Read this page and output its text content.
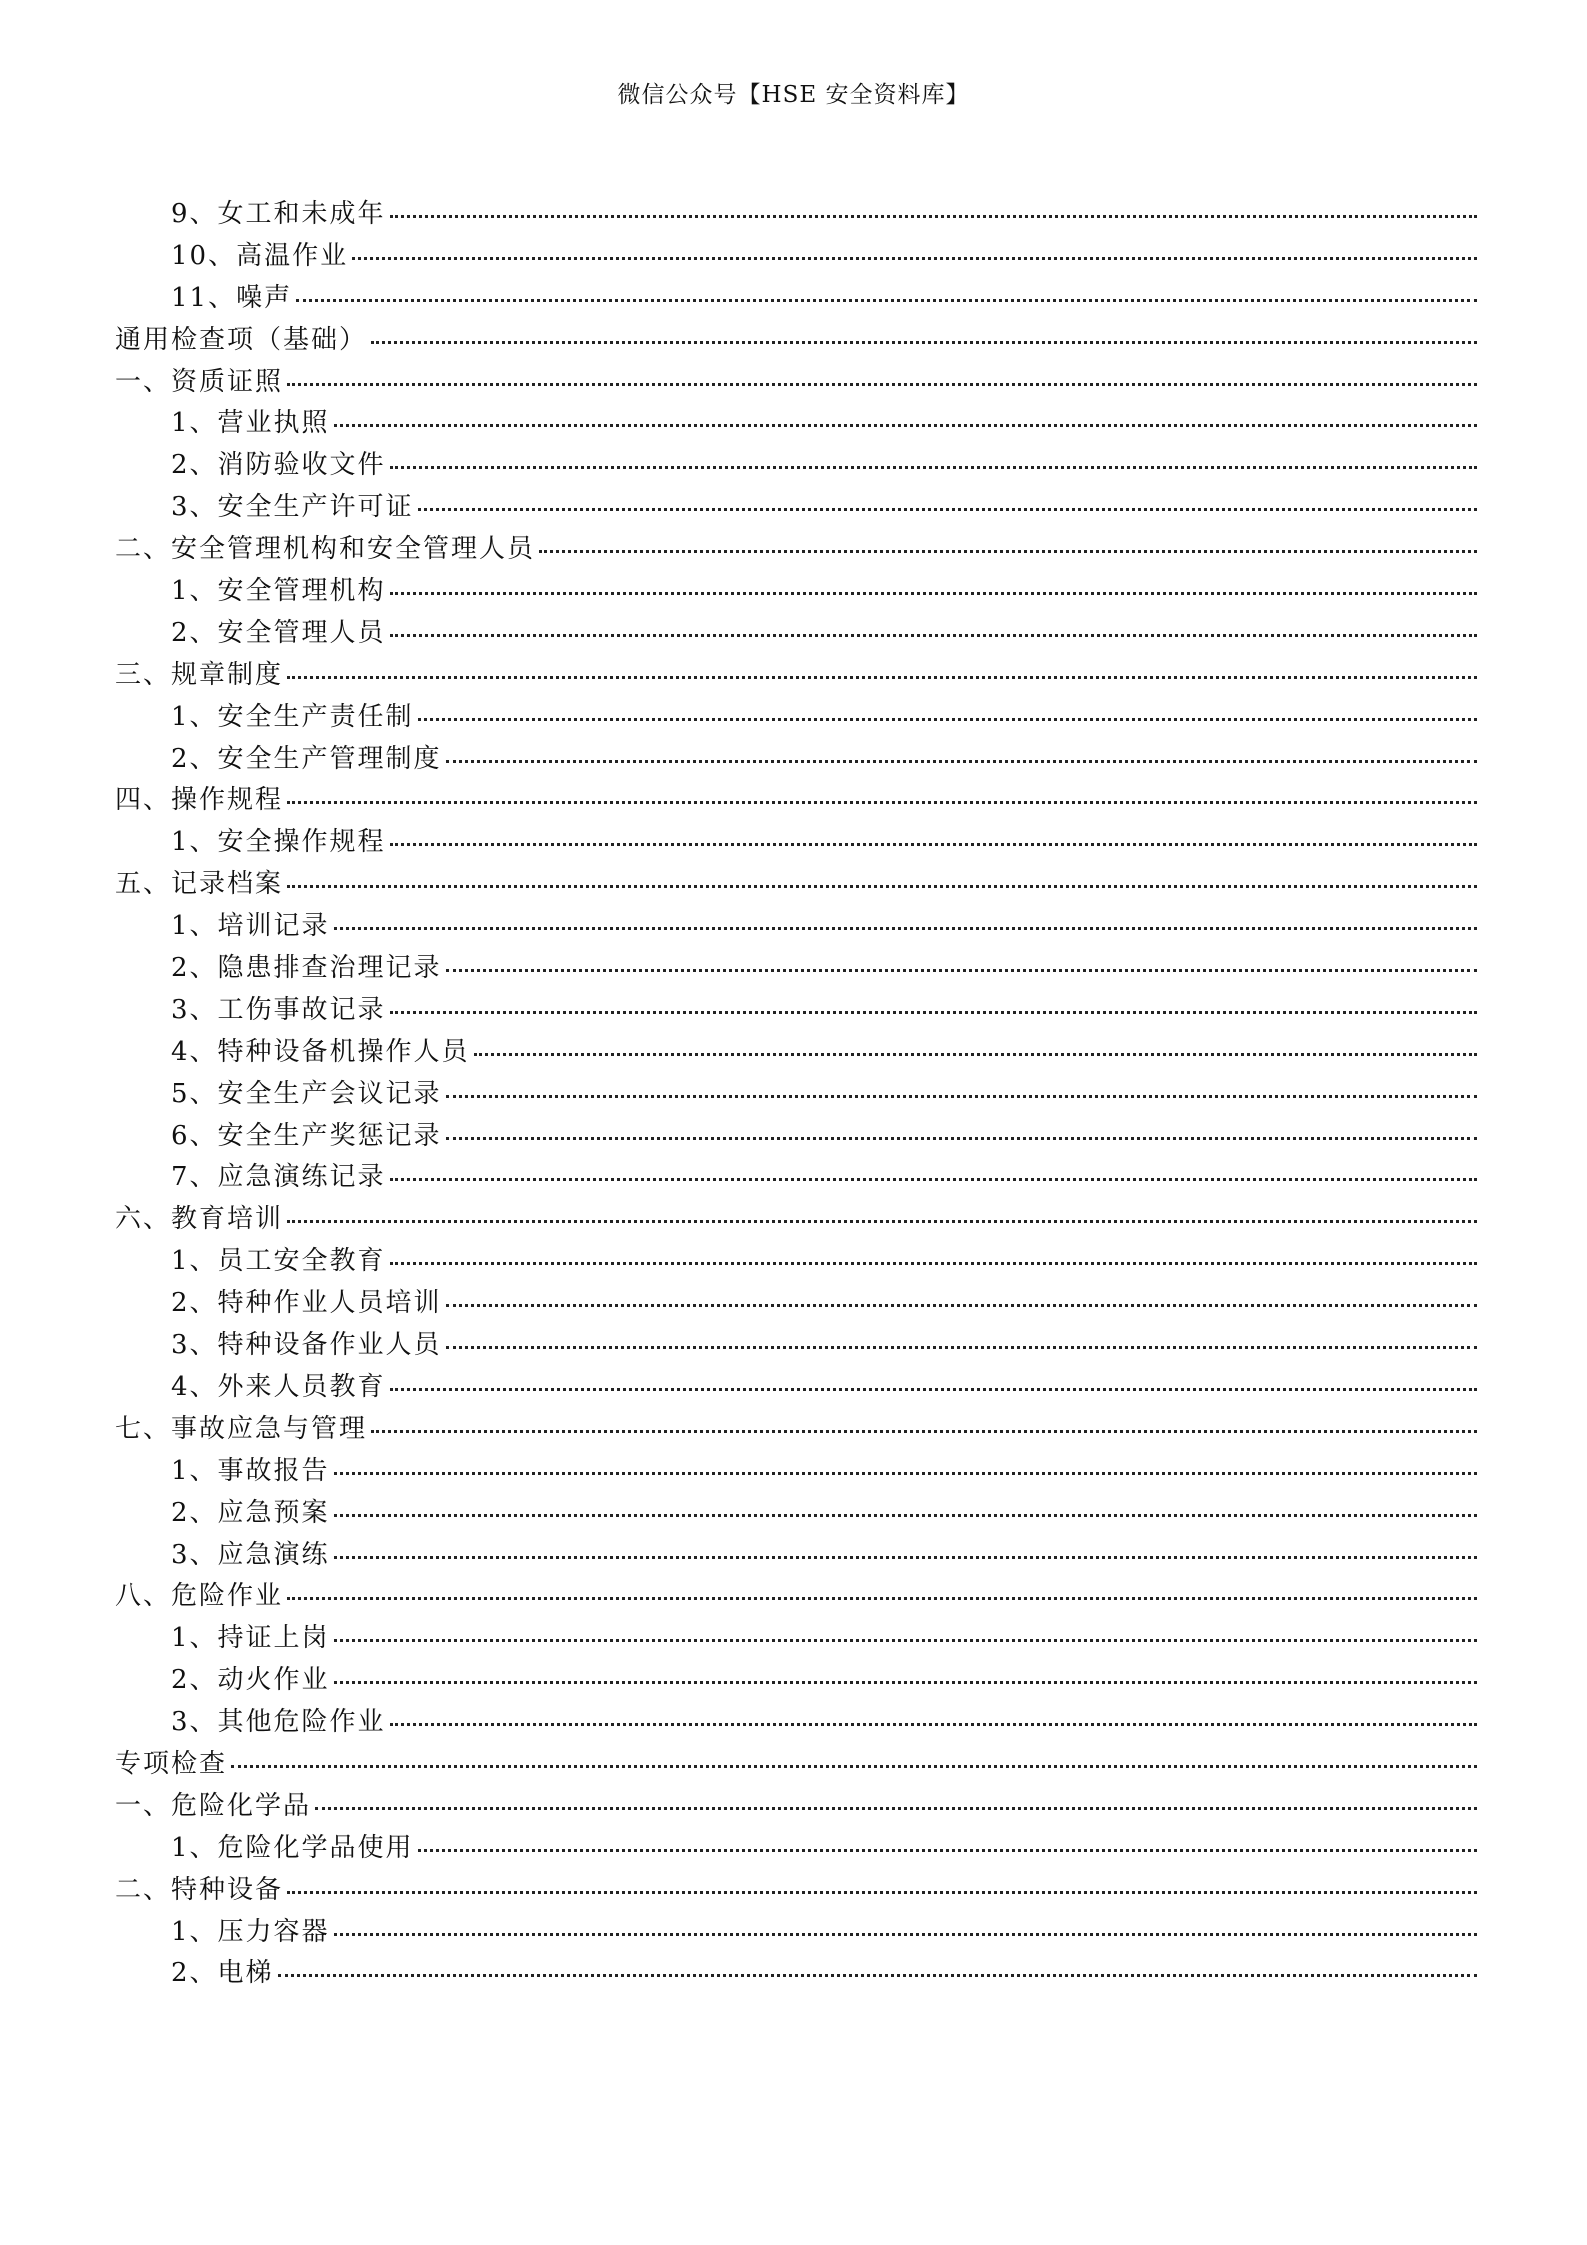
微信公众号【HSE 安全资料库】
9、女工和未成年
10、高温作业
11、噪声
通用检查项（基础）
一、资质证照
1、营业执照
2、消防验收文件
3、安全生产许可证
二、安全管理机构和安全管理人员
1、安全管理机构
2、安全管理人员
三、规章制度
1、安全生产责任制
2、安全生产管理制度
四、操作规程
1、安全操作规程
五、记录档案
1、培训记录
2、隐患排查治理记录
3、工伤事故记录
4、特种设备机操作人员
5、安全生产会议记录
6、安全生产奖惩记录
7、应急演练记录
六、教育培训
1、员工安全教育
2、特种作业人员培训
3、特种设备作业人员
4、外来人员教育
七、事故应急与管理
1、事故报告
2、应急预案
3、应急演练
八、危险作业
1、持证上岗
2、动火作业
3、其他危险作业
专项检查
一、危险化学品
1、危险化学品使用
二、特种设备
1、压力容器
2、电梯
